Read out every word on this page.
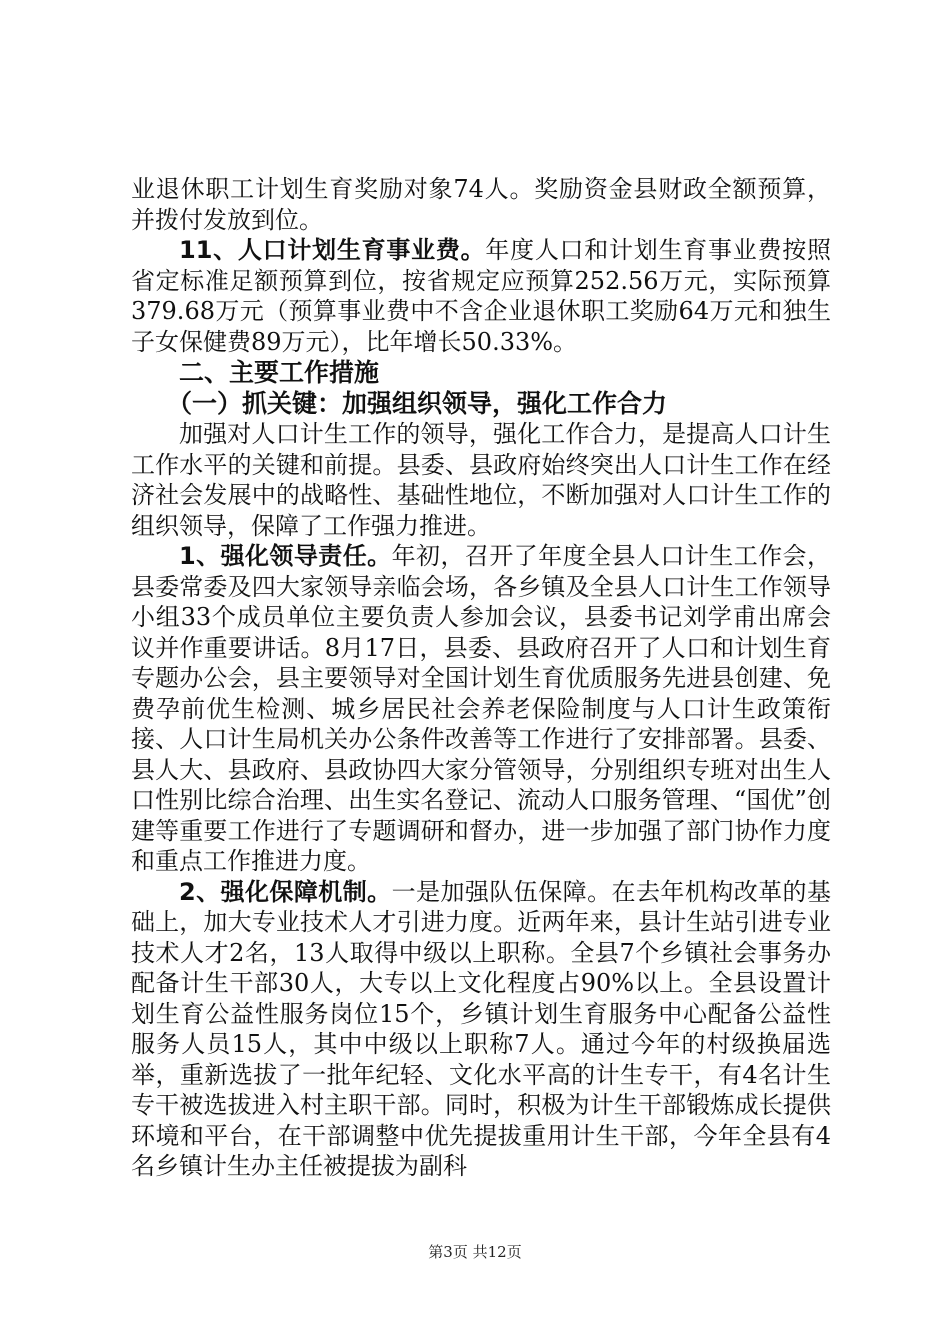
业退休职工计划生育奖励对象74人。奖励资金县财政全额预算，并拨付发放到位。

11、人口计划生育事业费。年度人口和计划生育事业费按照省定标准足额预算到位，按省规定应预算252.56万元，实际预算379.68万元（预算事业费中不含企业退休职工奖励64万元和独生子女保健费89万元），比年增长50.33%。

二、主要工作措施

（一）抓关键：加强组织领导，强化工作合力

加强对人口计生工作的领导，强化工作合力，是提高人口计生工作水平的关键和前提。县委、县政府始终突出人口计生工作在经济社会发展中的战略性、基础性地位，不断加强对人口计生工作的组织领导，保障了工作强力推进。

1、强化领导责任。年初，召开了年度全县人口计生工作会，县委常委及四大家领导亲临会场，各乡镇及全县人口计生工作领导小组33个成员单位主要负责人参加会议，县委书记刘学甫出席会议并作重要讲话。8月17日，县委、县政府召开了人口和计划生育专题办公会，县主要领导对全国计划生育优质服务先进县创建、免费孕前优生检测、城乡居民社会养老保险制度与人口计生政策衔接、人口计生局机关办公条件改善等工作进行了安排部署。县委、县人大、县政府、县政协四大家分管领导，分别组织专班对出生人口性别比综合治理、出生实名登记、流动人口服务管理、“国优”创建等重要工作进行了专题调研和督办，进一步加强了部门协作力度和重点工作推进力度。

2、强化保障机制。一是加强队伍保障。在去年机构改革的基础上，加大专业技术人才引进力度。近两年来，县计生站引进专业技术人才2名，13人取得中级以上职称。全县7个乡镇社会事务办配备计生干部30人，大专以上文化程度占90%以上。全县设置计划生育公益性服务岗位15个，乡镇计划生育服务中心配备公益性服务人员15人，其中中级以上职称7人。通过今年的村级换届选举，重新选拔了一批年纪轻、文化水平高的计生专干，有4名计生专干被选拔进入村主职干部。同时，积极为计生干部锻炼成长提供环境和平台，在干部调整中优先提拔重用计生干部，今年全县有4名乡镇计生办主任被提拔为副科

第3页 共12页
